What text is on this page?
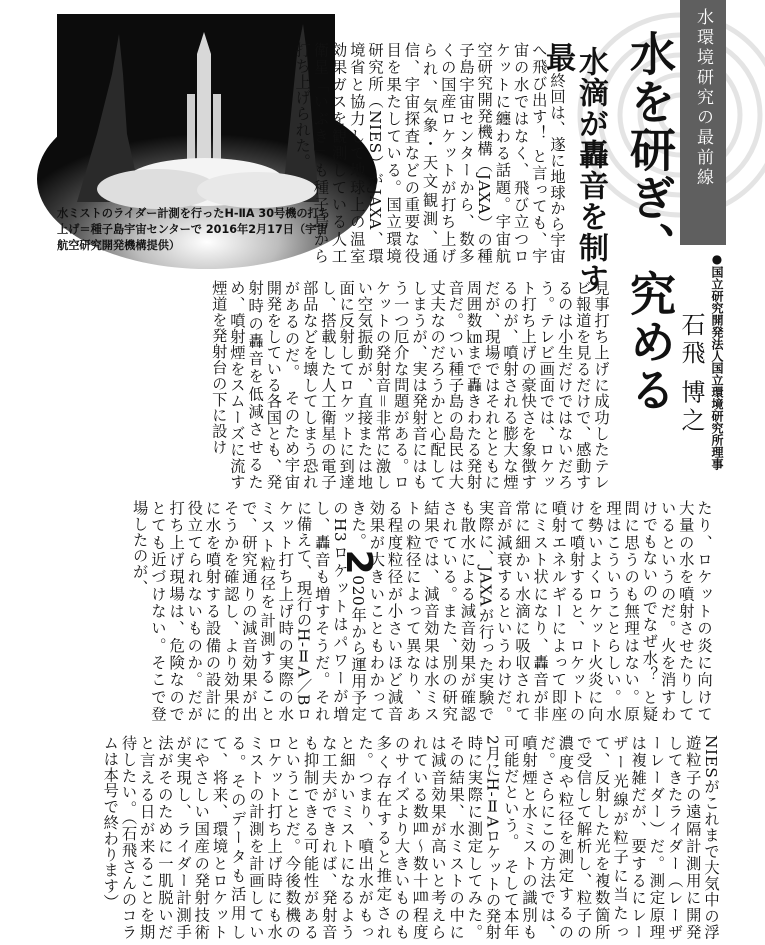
水環境研究の最前線
水を研ぎ、究める
水滴が轟音を制す
●国立研究開発法人国立環境研究所理事
石飛 博之
水ミストのライダー計測を行ったH-ⅡA 30号機の打ち上げ＝種子島宇宙センターで 2016年2月17日（宇宙航空研究開発機構提供）
最終回は、遂に地球から宇宙へ飛び出す！ と言っても、宇宙の水ではなく、飛び立つロケットに纏わる話題。宇宙航空研究開発機構（JAXA）の種子島宇宙センターから、数多くの国産ロケットが打ち上げられ、気象・天文観測、通信、宇宙探査などの重要な役目を果たしている。国立環境研究所（NIES）がJAXA、環境省と協力して地球上の温室効果ガスを観測している人工衛星「いぶき」も種子島から打ち上げられた。
見事打ち上げに成功したテレビ報道を見るだけで、感動するのは小生だけではないだろう。テレビ画面では、ロケット打ち上げの豪快さを象徴するのが、噴射される膨大な煙だが、現場ではそれとともに周囲数㎞まで轟きわたる発射音だ。つい種子島の島民は大丈夫なのだろうかと心配してしまうが、実は発射音にはもう一つ厄介な問題がある。ロケットの発射音＝非常に激しい空気振動が、直接または地面に反射してロケットに到達し、搭載した人工衛星の電子部品などを壊してしまう恐れがあるのだ。　そのため宇宙開発をしている各国とも、発射時の轟音を低減させるため、噴射煙をスムーズに流す煙道を発射台の下に設け
たり、ロケットの炎に向けて大量の水を噴射させたりしているというのだ。火を消すわけでもないのでなぜ水？ と疑問に思うのも無理はない。原理はこういうことらしい。水を勢いよくロケット火炎に向けて噴射すると、ロケットの噴射エネルギーによって即座にミスト状になり、轟音が非常に細かい水滴に吸収されて音が減衰するというわけだ。実際に、JAXAが行った実験でも散水による減音効果が確認されている。また、別の研究結果では、減音効果は水ミストの粒径によって異なり、ある程度粒径が小さいほど減音効果が大きいこともわかってきた。2020年から運用予定のH3ロケットはパワーが増し、轟音も増すそうだ。それに備えて、現行のH-ⅡA／Bロケット打ち上げ時の実際の水ミスト粒径を計測することで、研究通りの減音効果が出そうかを確認し、より効果的に水を噴射する設備の設計に役立てられないものか。だが打ち上げ現場は、危険なのでとても近づけない。そこで登場したのが、
NIESがこれまで大気中の浮遊粒子の遠隔計測用に開発してきたライダー（レーザーレーダー）だ。測定原理は複雑だが、要するにレーザー光線が粒子に当たって、反射した光を複数箇所で受信して解析し、粒子の濃度や粒径を測定するのだ。さらにこの方法では、噴射煙と水ミストの識別も可能だという。　そして本年2月にH-ⅡAロケットの発射時に実際に測定してみた。その結果、水ミストの中には減音効果が高いと考えられている数㎛～数十㎛程度のサイズより大きいものも多く存在すると推定された。つまり、噴出水がもっと細かいミストになるような工夫ができれば、発射音も抑制できる可能性があるということだ。今後数機のロケット打ち上げ時にも水ミストの計測を計画している。そのデータも活用して、将来、環境とロケットにやさしい国産の発射技術が実現し、ライダー計測手法がそのために一肌脱いだと言える日が来ることを期待したい。（石飛さんのコラムは本号で終わります）
